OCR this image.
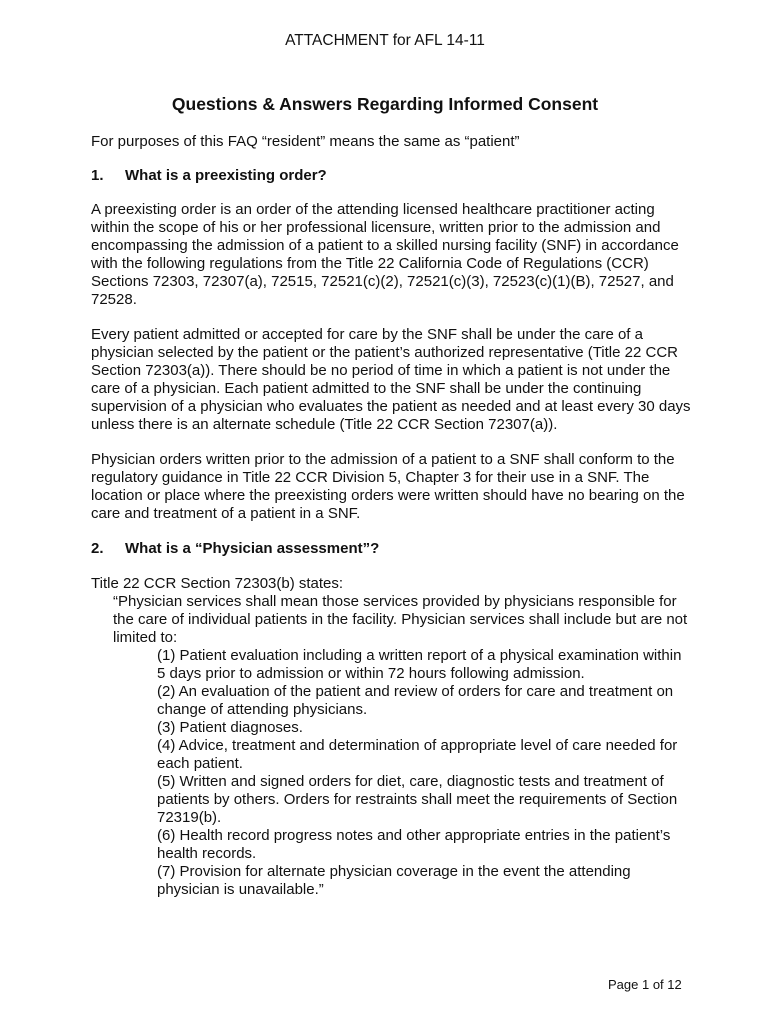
ATTACHMENT for AFL 14-11
Questions & Answers Regarding Informed Consent

For purposes of this FAQ “resident” means the same as “patient”

1.	What is a preexisting order?

A preexisting order is an order of the attending licensed healthcare practitioner acting within the scope of his or her professional licensure, written prior to the admission and encompassing the admission of a patient to a skilled nursing facility (SNF) in accordance with the following regulations from the Title 22 California Code of Regulations (CCR) Sections 72303, 72307(a), 72515, 72521(c)(2), 72521(c)(3), 72523(c)(1)(B), 72527, and 72528.

Every patient admitted or accepted for care by the SNF shall be under the care of a physician selected by the patient or the patient’s authorized representative (Title 22 CCR Section 72303(a)). There should be no period of time in which a patient is not under the care of a physician. Each patient admitted to the SNF shall be under the continuing supervision of a physician who evaluates the patient as needed and at least every 30 days unless there is an alternate schedule (Title 22 CCR Section 72307(a)).

Physician orders written prior to the admission of a patient to a SNF shall conform to the regulatory guidance in Title 22 CCR Division 5, Chapter 3 for their use in a SNF. The location or place where the preexisting orders were written should have no bearing on the care and treatment of a patient in a SNF.

2.	What is a “Physician assessment”?

Title 22 CCR Section 72303(b) states:

“Physician services shall mean those services provided by physicians responsible for the care of individual patients in the facility. Physician services shall include but are not limited to:

(1) Patient evaluation including a written report of a physical examination within 5 days prior to admission or within 72 hours following admission.

(2) An evaluation of the patient and review of orders for care and treatment on change of attending physicians.

(3) Patient diagnoses.

(4) Advice, treatment and determination of appropriate level of care needed for each patient.

(5) Written and signed orders for diet, care, diagnostic tests and treatment of patients by others. Orders for restraints shall meet the requirements of Section 72319(b).

(6) Health record progress notes and other appropriate entries in the patient’s health records.

(7) Provision for alternate physician coverage in the event the attending physician is unavailable.”

Page 1 of 12
